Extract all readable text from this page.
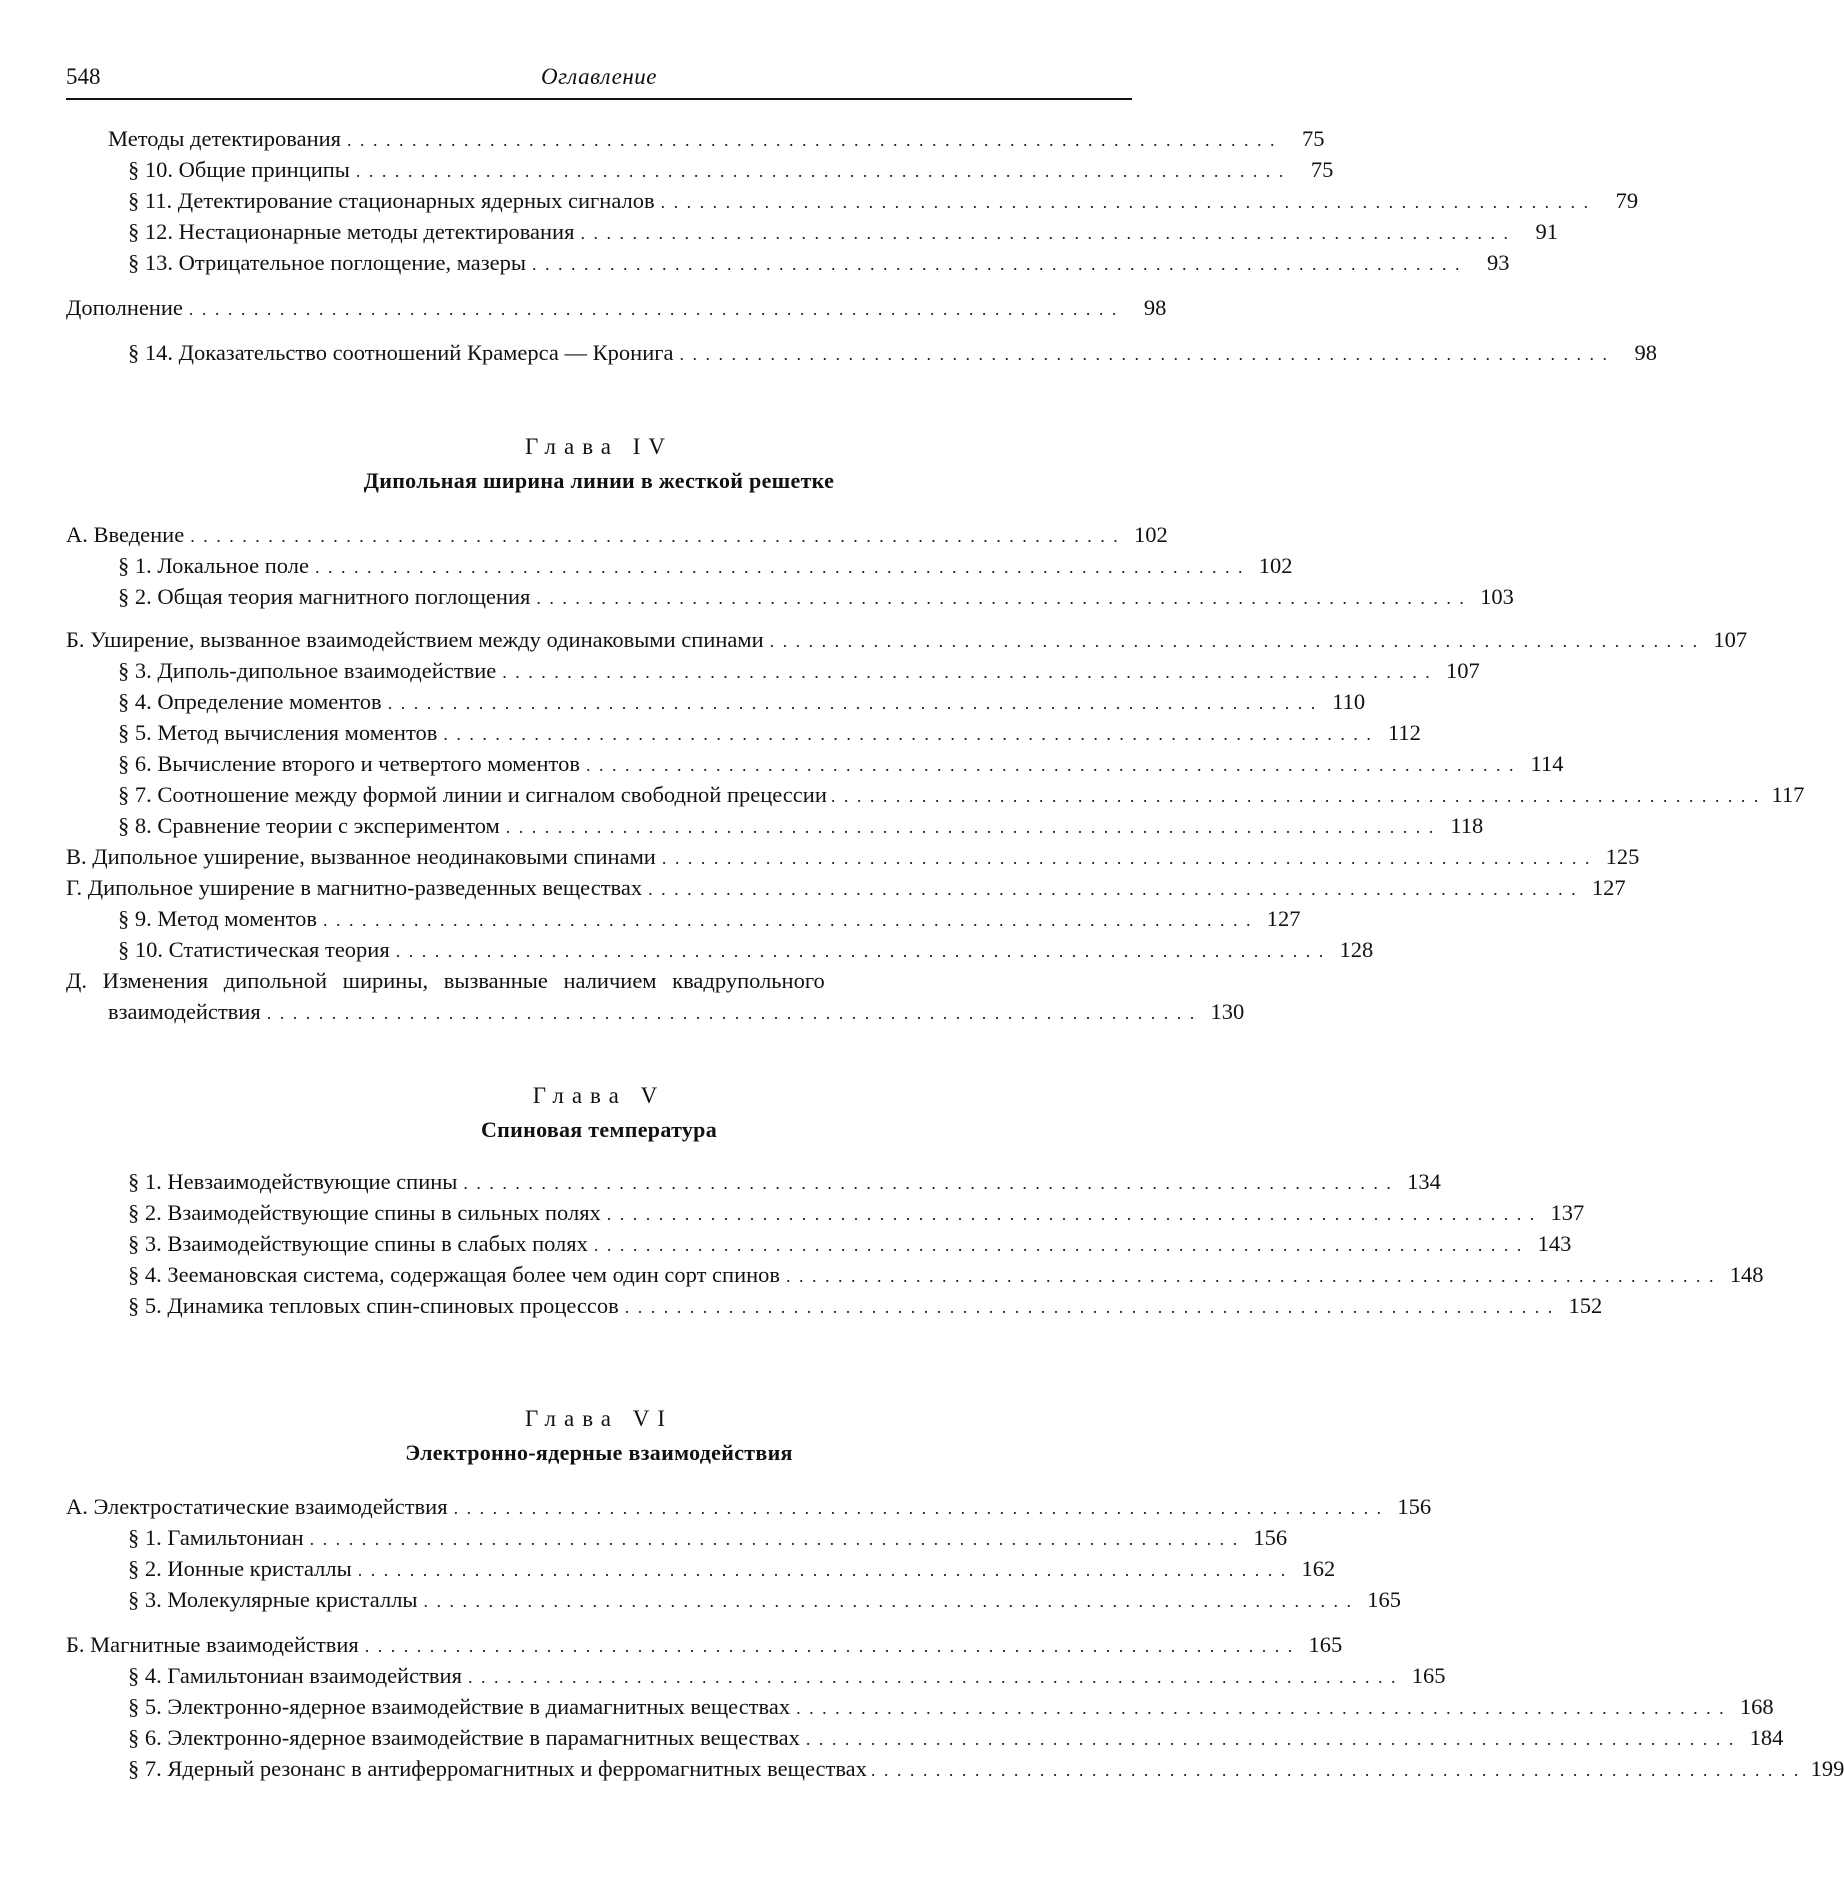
548	Оглавление
Методы детектирования . . .	75
§ 10. Общие принципы . . .	75
§ 11. Детектирование стационарных ядерных сигналов . . .	79
§ 12. Нестационарные методы детектирования . . .	91
§ 13. Отрицательное поглощение, мазеры . . .	93
Дополнение . . .	98
§ 14. Доказательство соотношений Крамерса — Кронига . . .	98
Глава IV
Дипольная ширина линии в жесткой решетке
А. Введение . . .	102
§ 1. Локальное поле . . .	102
§ 2. Общая теория магнитного поглощения . . .	103
Б. Уширение, вызванное взаимодействием между одинаковыми спинами . . .	107
§ 3. Диполь-дипольное взаимодействие . . .	107
§ 4. Определение моментов . . .	110
§ 5. Метод вычисления моментов . . .	112
§ 6. Вычисление второго и четвертого моментов . . .	114
§ 7. Соотношение между формой линии и сигналом свободной прецессии . . .	117
§ 8. Сравнение теории с экспериментом . . .	118
В. Дипольное уширение, вызванное неодинаковыми спинами . . .	125
Г. Дипольное уширение в магнитно-разведенных веществах . . .	127
§ 9. Метод моментов . . .	127
§ 10. Статистическая теория . . .	128
Д. Изменения дипольной ширины, вызванные наличием квадрупольного
взаимодействия . . .	130
Глава V
Спиновая температура
§ 1. Невзаимодействующие спины . . .	134
§ 2. Взаимодействующие спины в сильных полях . . .	137
§ 3. Взаимодействующие спины в слабых полях . . .	143
§ 4. Зеемановская система, содержащая более чем один сорт спинов . . .	148
§ 5. Динамика тепловых спин-спиновых процессов . . .	152
Глава VI
Электронно-ядерные взаимодействия
А. Электростатические взаимодействия . . .	156
§ 1. Гамильтониан . . .	156
§ 2. Ионные кристаллы . . .	162
§ 3. Молекулярные кристаллы . . .	165
Б. Магнитные взаимодействия . . .	165
§ 4. Гамильтониан взаимодействия . . .	165
§ 5. Электронно-ядерное взаимодействие в диамагнитных веществах . . .	168
§ 6. Электронно-ядерное взаимодействие в парамагнитных веществах . . .	184
§ 7. Ядерный резонанс в антиферромагнитных и ферромагнитных веществах . . .	199
